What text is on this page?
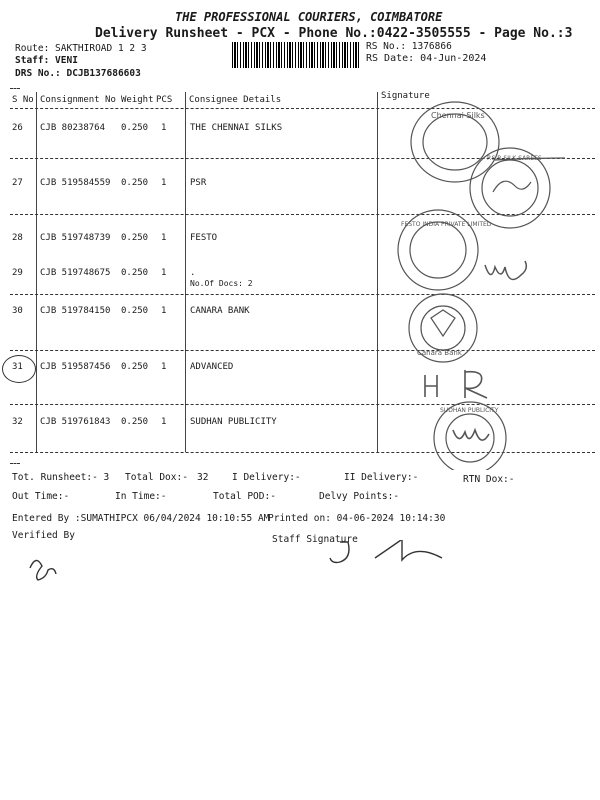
THE PROFESSIONAL COURIERS, COIMBATORE
Delivery Runsheet - PCX - Phone No.:0422-3505555 - Page No.:3
Route: SAKTHIROAD 1 2 3
Staff: VENI
DRS No.: DCJB137686603
RS No.: 1376866
RS Date: 04-Jun-2024
S No Consignment No Weight PCS Consignee Details	Signature
26 CJB 80238764 0.250 1	THE CHENNAI SILKS
27 CJB 519584559 0.250 1	PSR
28 CJB 519748739 0.250 1	FESTO
29 CJB 519748675 0.250 1	.
No.Of Docs: 2
30 CJB 519784150 0.250 1	CANARA BANK
31 CJB 519587456 0.250 1	ADVANCED
32 CJB 519761843 0.250 1	SUDHAN PUBLICITY
Chennai Silks
P.S.R SILK SAREES
FESTO INDIA PRIVATE LIMITED
Canara Bank
SUDHAN PUBLICITY
Tot. Runsheet:- 3 Total Dox:- 32 I Delivery:-	II Delivery:-	RTN Dox:-
Out Time:-	In Time:-	Total POD:-	Delvy Points:-
Entered By :SUMATHIPCX 06/04/2024 10:10:55 AM
Printed on: 04-06-2024 10:14:30
Verified By	Staff Signature
